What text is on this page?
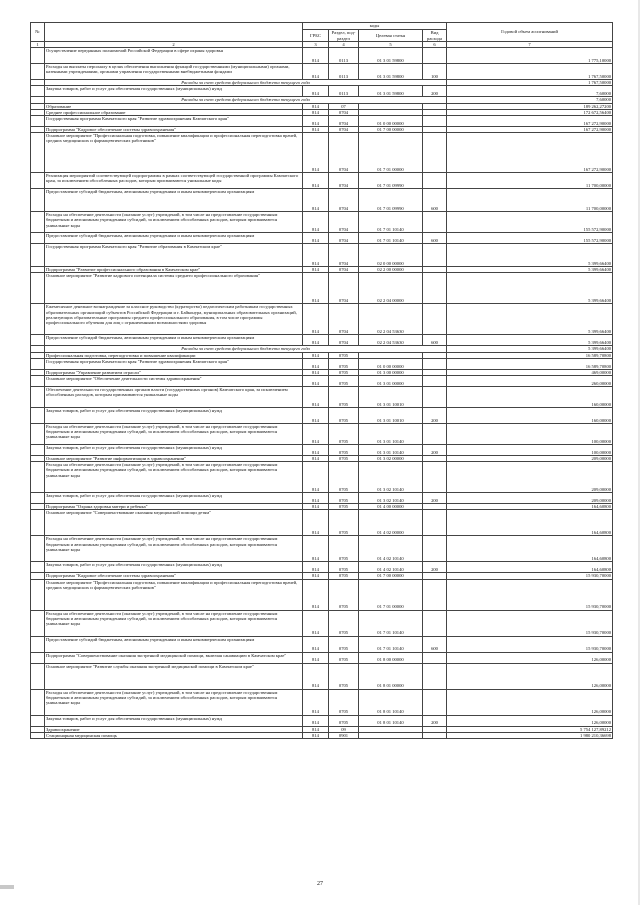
№		коды				Годовой объем ассигнований
		ГРБС	Раздел, под-раздел	Целевая статья	Вид расхода	
1	2	3	4	5	6	7
	Осуществление переданных полномочий Российской Федерации в сфере охраны здоровья	814	0113	01 3 01 59800		1 775,10000
	Расходы на выплаты персоналу в целях обеспечения выполнения функций государственными (муниципальными) органами, казенными учреждениями, органами управления государственными внебюджетными фондами	814	0113	01 3 01 59800	100	1 767,50000
	Расходы за счет средств федерального бюджета текущего года					1 767,50000
	Закупка товаров, работ и услуг для обеспечения государственных (муниципальных) нужд	814	0113	01 3 01 59800	200	7,60000
	Расходы за счет средств федерального бюджета текущего года					7,60000
	Образование	814	07			189 262,27200
	Среднее профессиональное образование	814	0704			172 672,56400
	Государственная программа Камчатского края "Развитие здравоохранения Камчатского края"	814	0704	01 0 00 00000		167 272,90000
	Подпрограмма "Кадровое обеспечение системы здравоохранения"	814	0704	01 7 00 00000		167 272,90000
	Основное мероприятие "Профессиональная подготовка, повышение квалификации и профессиональная переподготовка врачей, средних медицинских и фармацевтических работников"	814	0704	01 7 01 00000		167 272,90000
	Реализация мероприятий соответствующей подпрограммы в рамках соответствующей государственной программы Камчатского края, за исключением обособленных расходов, которым присваиваются уникальные коды	814	0704	01 7 01 09990		11 700,00000
	Предоставление субсидий бюджетным, автономным учреждениям и иным некоммерческим организациям	814	0704	01 7 01 09990	600	11 700,00000
	Расходы на обеспечение деятельности (оказание услуг) учреждений, в том числе на предоставление государственным бюджетным и автономным учреждениям субсидий, за исключением обособленных расходов, которым присваиваются уникальные коды	814	0704	01 7 01 10140		155 572,90000
	Предоставление субсидий бюджетным, автономным учреждениям и иным некоммерческим организациям	814	0704	01 7 01 10140	600	155 572,90000
	Государственная программа Камчатского края "Развитие образования в Камчатском крае"	814	0704	02 0 00 00000		5 399,66400
	Подпрограмма "Развитие профессионального образования в Камчатском крае"	814	0704	02 2 00 00000		5 399,66400
	Основное мероприятие "Развитие кадрового потенциала системы среднего профессионального образования"	814	0704	02 2 04 00000		5 399,66400
	Ежемесячное денежное вознаграждение за классное руководство (кураторство) педагогическим работникам государственных образовательных организаций субъектов Российской Федерации и г. Байконура, муниципальных образовательных организаций, реализующих образовательные программы среднего профессионального образования, в том числе программы профессионального обучения для лиц с ограниченными возможностями здоровья	814	0704	02 2 04 53630		5 399,66400
	Предоставление субсидий бюджетным, автономным учреждениям и иным некоммерческим организациям	814	0704	02 2 04 53630	600	5 399,66400
	Расходы за счет средств федерального бюджета текущего года					5 399,66400
	Профессиональная подготовка, переподготовка и повышение квалификации	814	0705			16 589,70800
	Государственная программа Камчатского края "Развитие здравоохранения Камчатского края"	814	0705	01 0 00 00000		16 589,70800
	Подпрограмма "Управление развитием отрасли"	814	0705	01 3 00 00000		469,00000
	Основное мероприятие "Обеспечение деятельности системы здравоохранения"	814	0705	01 3 01 00000		260,00000
	Обеспечение деятельности государственных органов власти (государственных органов) Камчатского края, за исключением обособленных расходов, которым присваиваются уникальные коды	814	0705	01 3 01 10010		160,00000
	Закупка товаров, работ и услуг для обеспечения государственных (муниципальных) нужд	814	0705	01 3 01 10010	200	160,00000
	Расходы на обеспечение деятельности (оказание услуг) учреждений, в том числе на предоставление государственным бюджетным и автономным учреждениям субсидий, за исключением обособленных расходов, которым присваиваются уникальные коды	814	0705	01 3 01 10140		100,00000
	Закупка товаров, работ и услуг для обеспечения государственных (муниципальных) нужд	814	0705	01 3 01 10140	200	100,00000
	Основное мероприятие "Развитие информатизации в здравоохранении"	814	0705	01 3 02 00000		209,00000
	Расходы на обеспечение деятельности (оказание услуг) учреждений, в том числе на предоставление государственным бюджетным и автономным учреждениям субсидий, за исключением обособленных расходов, которым присваиваются уникальные коды	814	0705	01 3 02 10140		209,00000
	Закупка товаров, работ и услуг для обеспечения государственных (муниципальных) нужд	814	0705	01 3 02 10140	200	209,00000
	Подпрограмма "Охрана здоровья матери и ребенка"	814	0705	01 4 00 00000		164,60800
	Основное мероприятие "Совершенствование оказания медицинской помощи детям"	814	0705	01 4 02 00000		164,60800
	Расходы на обеспечение деятельности (оказание услуг) учреждений, в том числе на предоставление государственным бюджетным и автономным учреждениям субсидий, за исключением обособленных расходов, которым присваиваются уникальные коды	814	0705	01 4 02 10140		164,60800
	Закупка товаров, работ и услуг для обеспечения государственных (муниципальных) нужд	814	0705	01 4 02 10140	200	164,60800
	Подпрограмма "Кадровое обеспечение системы здравоохранения"	814	0705	01 7 00 00000		15 930,70000
	Основное мероприятие "Профессиональная подготовка, повышение квалификации и профессиональная переподготовка врачей, средних медицинских и фармацевтических работников"	814	0705	01 7 01 00000		15 930,70000
	Расходы на обеспечение деятельности (оказание услуг) учреждений, в том числе на предоставление государственным бюджетным и автономным учреждениям субсидий, за исключением обособленных расходов, которым присваиваются уникальные коды	814	0705	01 7 01 10140		15 930,70000
	Предоставление субсидий бюджетным, автономным учреждениям и иным некоммерческим организациям	814	0705	01 7 01 10140	600	15 930,70000
	Подпрограмма "Совершенствование оказания экстренной медицинской помощи, включая санавиацию в Камчатском крае"	814	0705	01 8 00 00000		126,00000
	Основное мероприятие "Развитие службы оказания экстренной медицинской помощи в Камчатском крае"	814	0705	01 8 01 00000		126,00000
	Расходы на обеспечение деятельности (оказание услуг) учреждений, в том числе на предоставление государственным бюджетным и автономным учреждениям субсидий, за исключением обособленных расходов, которым присваиваются уникальные коды	814	0705	01 8 01 10140		126,00000
	Закупка товаров, работ и услуг для обеспечения государственных (муниципальных) нужд	814	0705	01 8 01 10140	200	126,00000
	Здравоохранение	814	09			5 754 127,89212
	Стационарная медицинская помощь	814	0901			1 980 210,36698
27
